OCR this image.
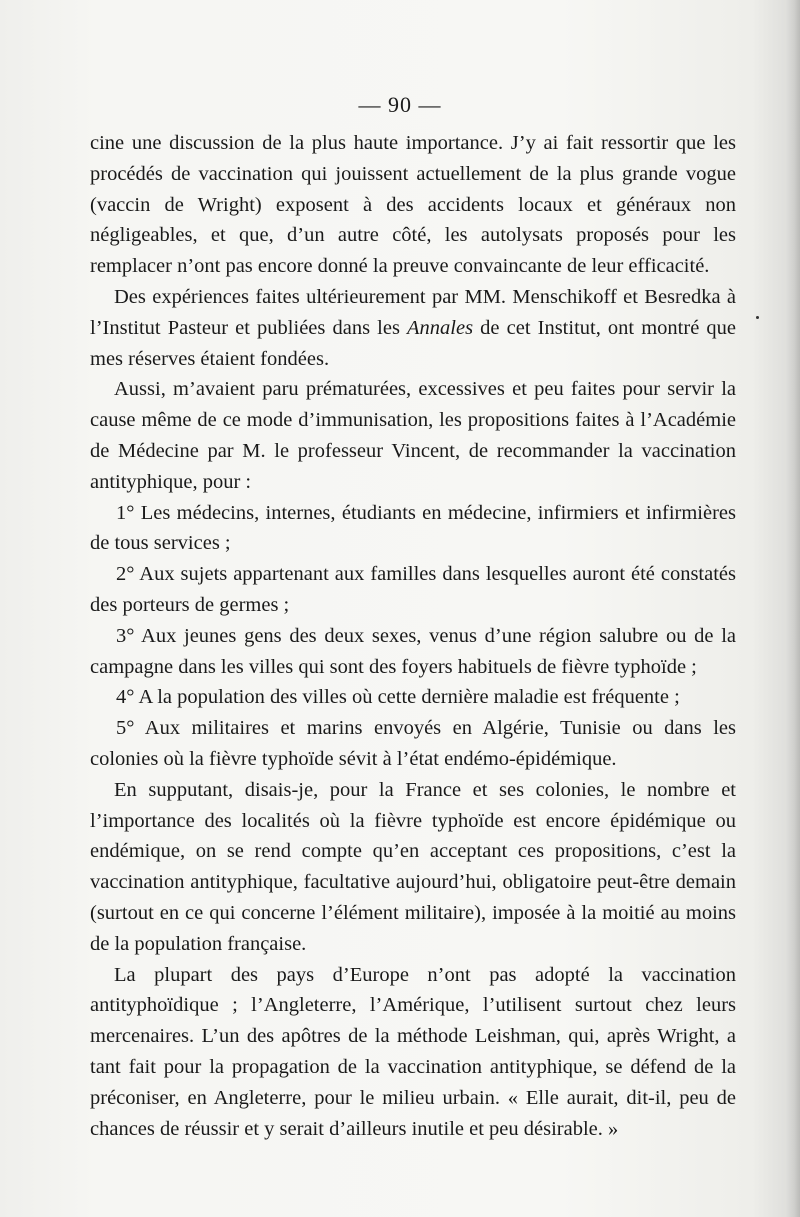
— 90 —

cine une discussion de la plus haute importance. J’y ai fait ressortir que les procédés de vaccination qui jouissent actuellement de la plus grande vogue (vaccin de Wright) exposent à des accidents locaux et généraux non négligeables, et que, d’un autre côté, les autolysats proposés pour les remplacer n’ont pas encore donné la preuve convaincante de leur efficacité.

Des expériences faites ultérieurement par MM. Menschikoff et Besredka à l’Institut Pasteur et publiées dans les Annales de cet Institut, ont montré que mes réserves étaient fondées.

Aussi, m’avaient paru prématurées, excessives et peu faites pour servir la cause même de ce mode d’immunisation, les propositions faites à l’Académie de Médecine par M. le professeur Vincent, de recommander la vaccination antityphique, pour :

1° Les médecins, internes, étudiants en médecine, infirmiers et infirmières de tous services ;

2° Aux sujets appartenant aux familles dans lesquelles auront été constatés des porteurs de germes ;

3° Aux jeunes gens des deux sexes, venus d’une région salubre ou de la campagne dans les villes qui sont des foyers habituels de fièvre typhoïde ;

4° A la population des villes où cette dernière maladie est fréquente ;

5° Aux militaires et marins envoyés en Algérie, Tunisie ou dans les colonies où la fièvre typhoïde sévit à l’état endémo-épidémique.

En supputant, disais-je, pour la France et ses colonies, le nombre et l’importance des localités où la fièvre typhoïde est encore épidémique ou endémique, on se rend compte qu’en acceptant ces propositions, c’est la vaccination antityphique, facultative aujourd’hui, obligatoire peut-être demain (surtout en ce qui concerne l’élément militaire), imposée à la moitié au moins de la population française.

La plupart des pays d’Europe n’ont pas adopté la vaccination antityphoïdique ; l’Angleterre, l’Amérique, l’utilisent surtout chez leurs mercenaires. L’un des apôtres de la méthode Leishman, qui, après Wright, a tant fait pour la propagation de la vaccination antityphique, se défend de la préconiser, en Angleterre, pour le milieu urbain. « Elle aurait, dit-il, peu de chances de réussir et y serait d’ailleurs inutile et peu désirable. »
